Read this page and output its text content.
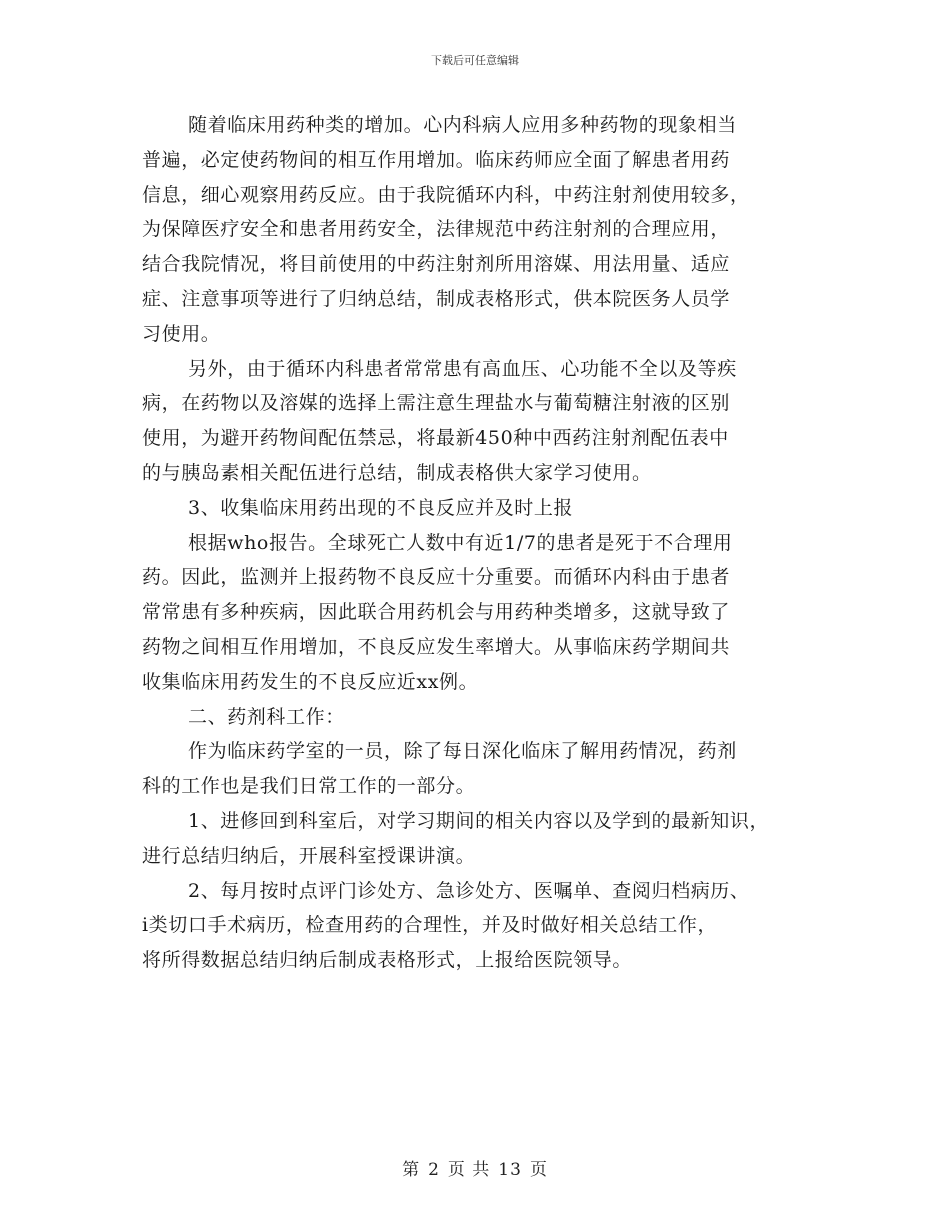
下载后可任意编辑
随着临床用药种类的增加。心内科病人应用多种药物的现象相当
普遍，必定使药物间的相互作用增加。临床药师应全面了解患者用药
信息，细心观察用药反应。由于我院循环内科，中药注射剂使用较多，
为保障医疗安全和患者用药安全，法律规范中药注射剂的合理应用，
结合我院情况，将目前使用的中药注射剂所用溶媒、用法用量、适应
症、注意事项等进行了归纳总结，制成表格形式，供本院医务人员学
习使用。
另外，由于循环内科患者常常患有高血压、心功能不全以及等疾
病，在药物以及溶媒的选择上需注意生理盐水与葡萄糖注射液的区别
使用，为避开药物间配伍禁忌，将最新450种中西药注射剂配伍表中
的与胰岛素相关配伍进行总结，制成表格供大家学习使用。
3、收集临床用药出现的不良反应并及时上报
根据who报告。全球死亡人数中有近1/7的患者是死于不合理用
药。因此，监测并上报药物不良反应十分重要。而循环内科由于患者
常常患有多种疾病，因此联合用药机会与用药种类增多，这就导致了
药物之间相互作用增加，不良反应发生率增大。从事临床药学期间共
收集临床用药发生的不良反应近xx例。
二、药剂科工作：
作为临床药学室的一员，除了每日深化临床了解用药情况，药剂
科的工作也是我们日常工作的一部分。
1、进修回到科室后，对学习期间的相关内容以及学到的最新知识，
进行总结归纳后，开展科室授课讲演。
2、每月按时点评门诊处方、急诊处方、医嘱单、查阅归档病历、
ⅰ类切口手术病历，检查用药的合理性，并及时做好相关总结工作，
将所得数据总结归纳后制成表格形式，上报给医院领导。
第 2 页 共 13 页
